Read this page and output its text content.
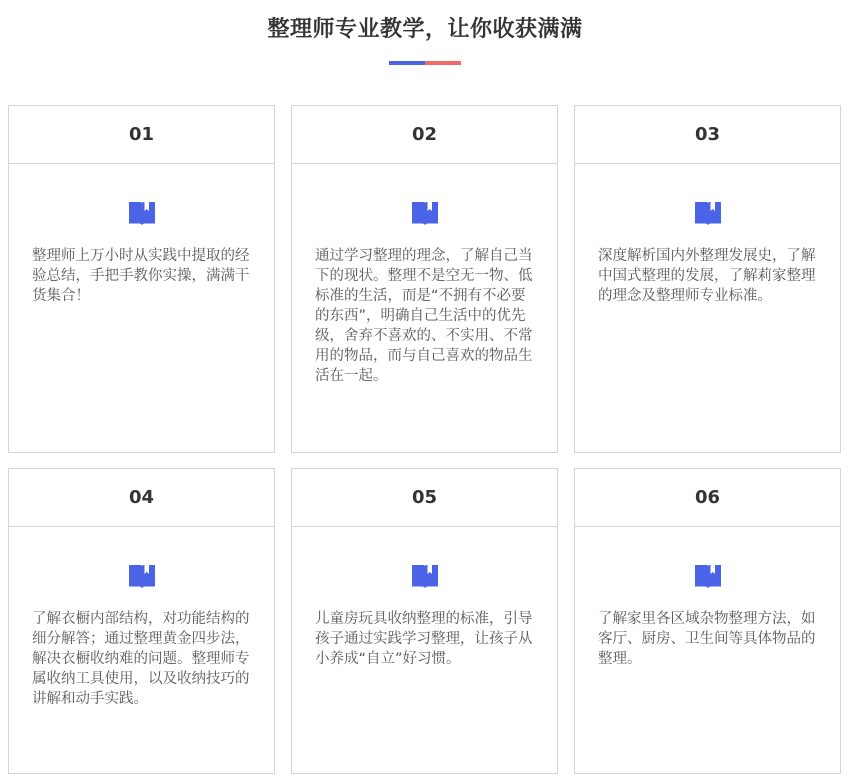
整理师专业教学，让你收获满满
01
整理师上万小时从实践中提取的经验总结，手把手教你实操，满满干货集合！
02
通过学习整理的理念，了解自己当下的现状。整理不是空无一物、低标准的生活，而是“不拥有不必要的东西”，明确自己生活中的优先级，舍弃不喜欢的、不实用、不常用的物品，而与自己喜欢的物品生活在一起。
03
深度解析国内外整理发展史，了解中国式整理的发展，了解莉家整理的理念及整理师专业标准。
04
了解衣橱内部结构，对功能结构的细分解答；通过整理黄金四步法，解决衣橱收纳难的问题。整理师专属收纳工具使用，以及收纳技巧的讲解和动手实践。
05
儿童房玩具收纳整理的标准，引导孩子通过实践学习整理，让孩子从小养成“自立”好习惯。
06
了解家里各区域杂物整理方法，如客厅、厨房、卫生间等具体物品的整理。
